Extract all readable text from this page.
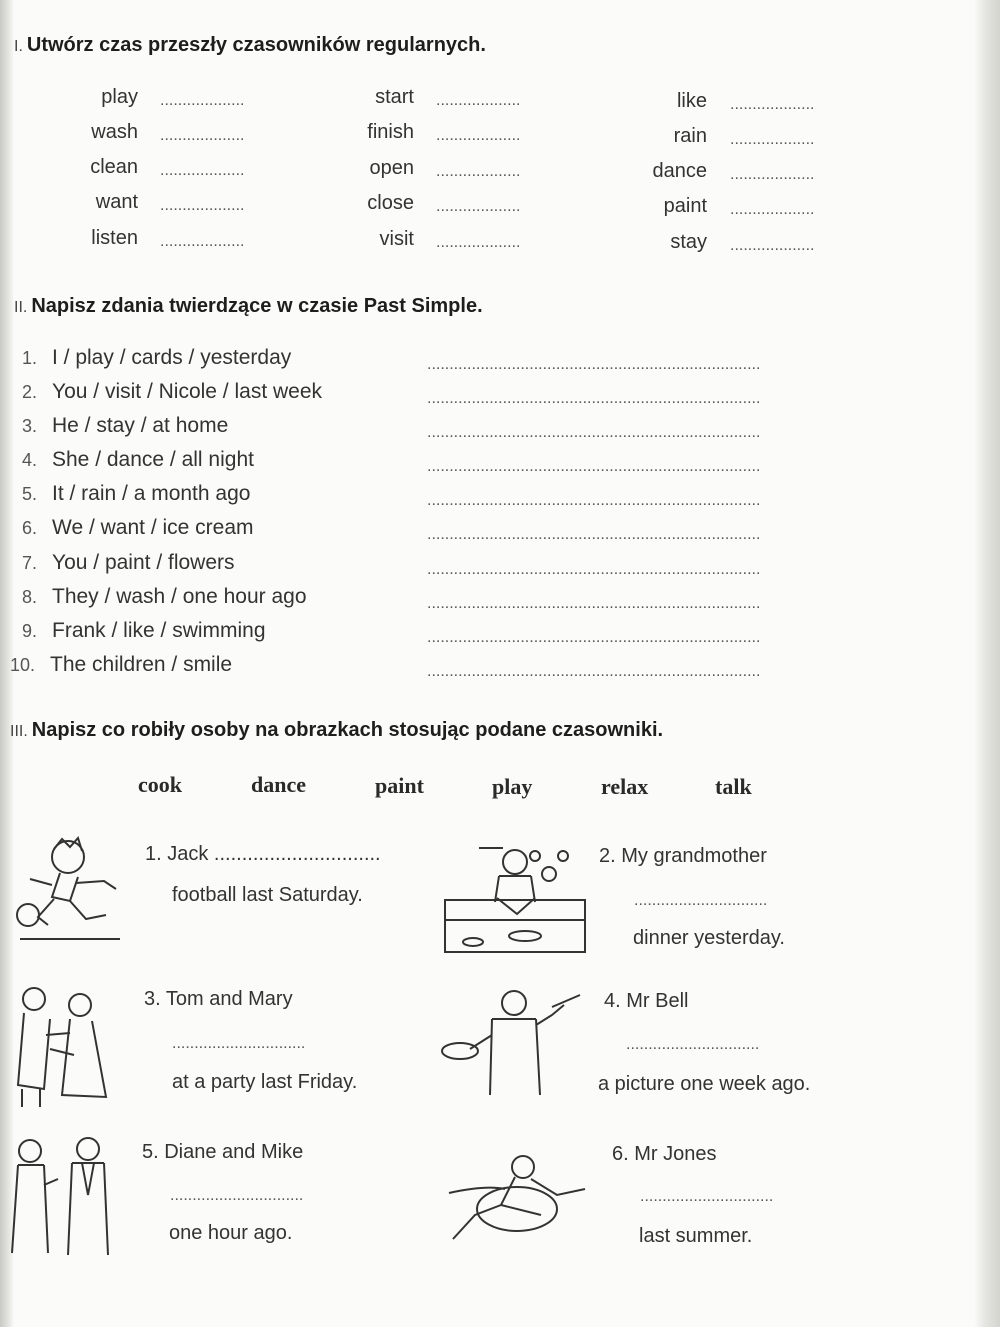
I. Utwórz czas przeszły czasowników regularnych.
play ...................
wash ...................
clean ...................
want ...................
listen ...................
start ...................
finish ...................
open ...................
close ...................
visit ...................
like ...................
rain ...................
dance ...................
paint ...................
stay ...................
II. Napisz zdania twierdzące w czasie Past Simple.
1. I / play / cards / yesterday	...........................................................................
2. You / visit / Nicole / last week	...........................................................................
3. He / stay / at home	...........................................................................
4. She / dance / all night	...........................................................................
5. It / rain / a month ago	...........................................................................
6. We / want / ice cream	...........................................................................
7. You / paint / flowers	...........................................................................
8. They / wash / one hour ago	...........................................................................
9. Frank / like / swimming	...........................................................................
10. The children / smile	...........................................................................
III. Napisz co robiły osoby na obrazkach stosując podane czasowniki.
cook	dance	paint	play	relax	talk
1. Jack ..............................
football last Saturday.
2. My grandmother
..............................
dinner yesterday.
3. Tom and Mary
..............................
at a party last Friday.
4. Mr Bell
..............................
a picture one week ago.
5. Diane and Mike
..............................
one hour ago.
6. Mr Jones
..............................
last summer.
